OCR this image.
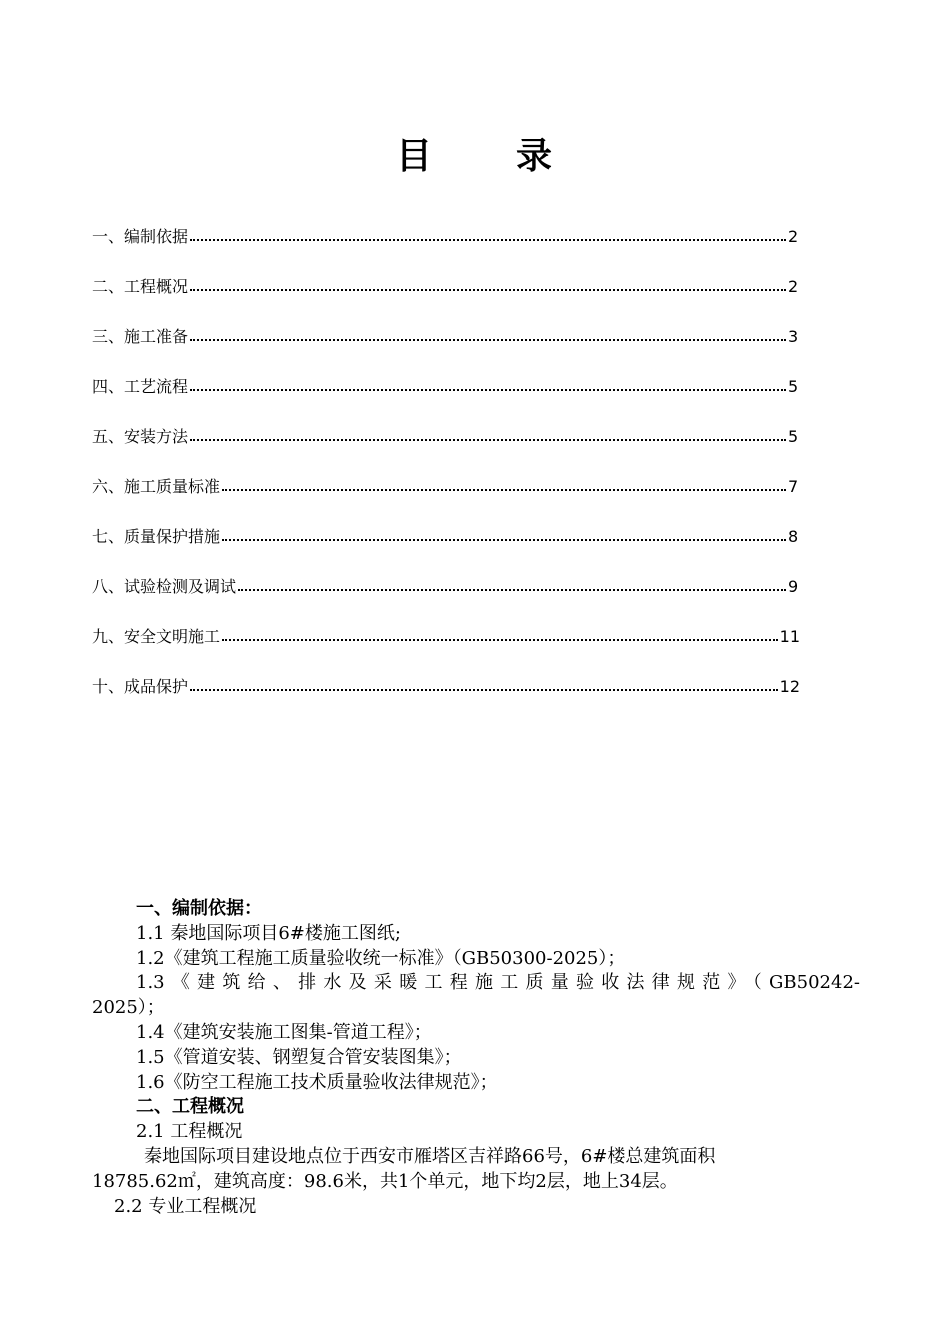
目 录
一、编制依据	2
二、工程概况	2
三、施工准备	3
四、工艺流程	5
五、安装方法	5
六、施工质量标准	7
七、质量保护措施	8
八、试验检测及调试	9
九、安全文明施工	11
十、成品保护	12

一、编制依据：

1.1 秦地国际项目6#楼施工图纸;

1.2《建筑工程施工质量验收统一标准》（GB50300-2025）；

1.3《建筑给、排水及采暖工程施工质量验收法律规范》（GB50242-

2025）；

1.4《建筑安装施工图集-管道工程》；

1.5《管道安装、钢塑复合管安装图集》；

1.6《防空工程施工技术质量验收法律规范》；

二、工程概况

2.1 工程概况

秦地国际项目建设地点位于西安市雁塔区吉祥路66号，6#楼总建筑面积

18785.62㎡，建筑高度：98.6米，共1个单元，地下均2层，地上34层。

2.2 专业工程概况
